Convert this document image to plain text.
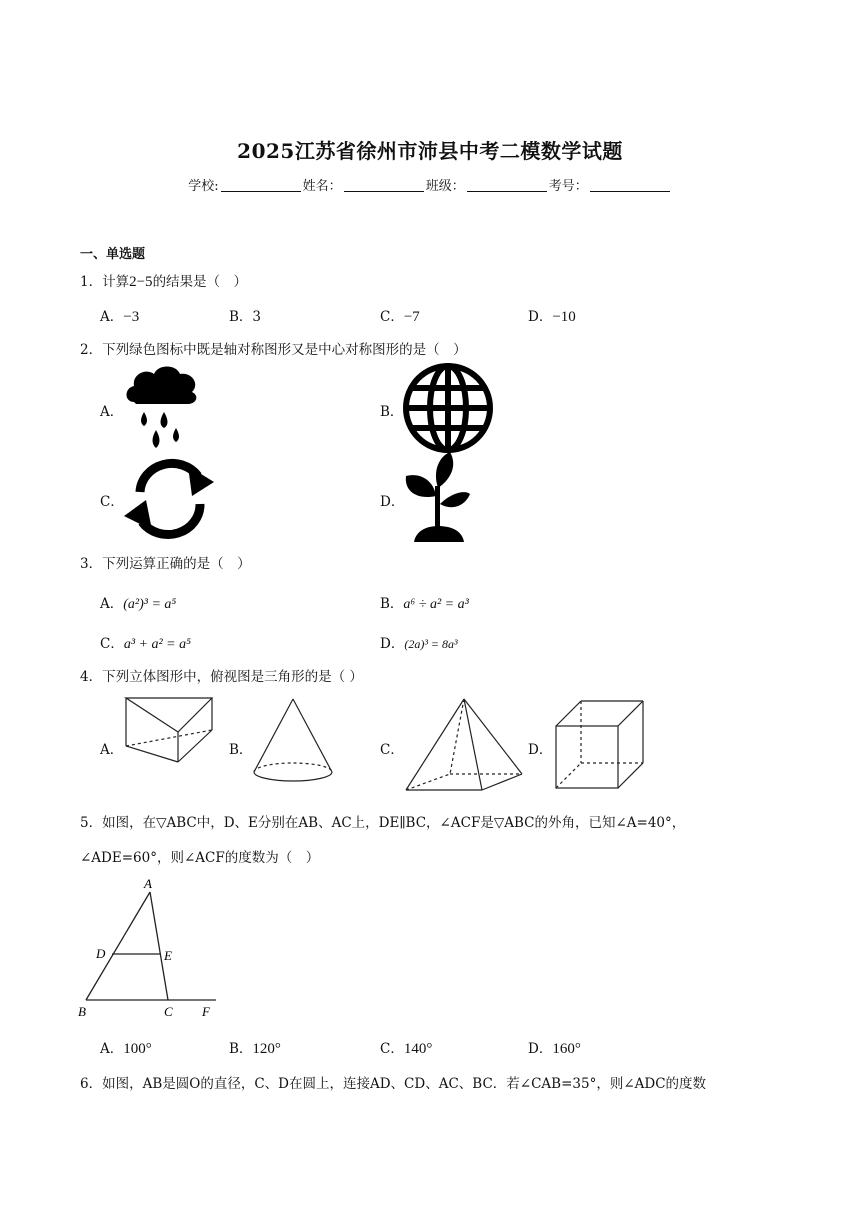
2025江苏省徐州市沛县中考二模数学试题
学校:	姓名：	班级：	考号：
一、单选题
1．计算2−5的结果是（　）
A．−3	B．3	C．−7	D．−10
2．下列绿色图标中既是轴对称图形又是中心对称图形的是（　）
A．	B．
C．	D．
3．下列运算正确的是（　）
A．(a²)³ = a⁵	B．a⁶ ÷ a² = a³
C．a³ + a² = a⁵	D．(2a)³ = 8a³
4．下列立体图形中，俯视图是三角形的是（ ）
A．	B．	C．	D．
5．如图，在▽ABC中，D、E分别在AB、AC上，DE∥BC，∠ACF是▽ABC的外角，已知∠A=40°，
∠ADE=60°，则∠ACF的度数为（　）
A
D	E
B	C F
A．100°	B．120°	C．140°	D．160°
6．如图，AB是圆O的直径，C、D在圆上，连接AD、CD、AC、BC．若∠CAB=35°，则∠ADC的度数
